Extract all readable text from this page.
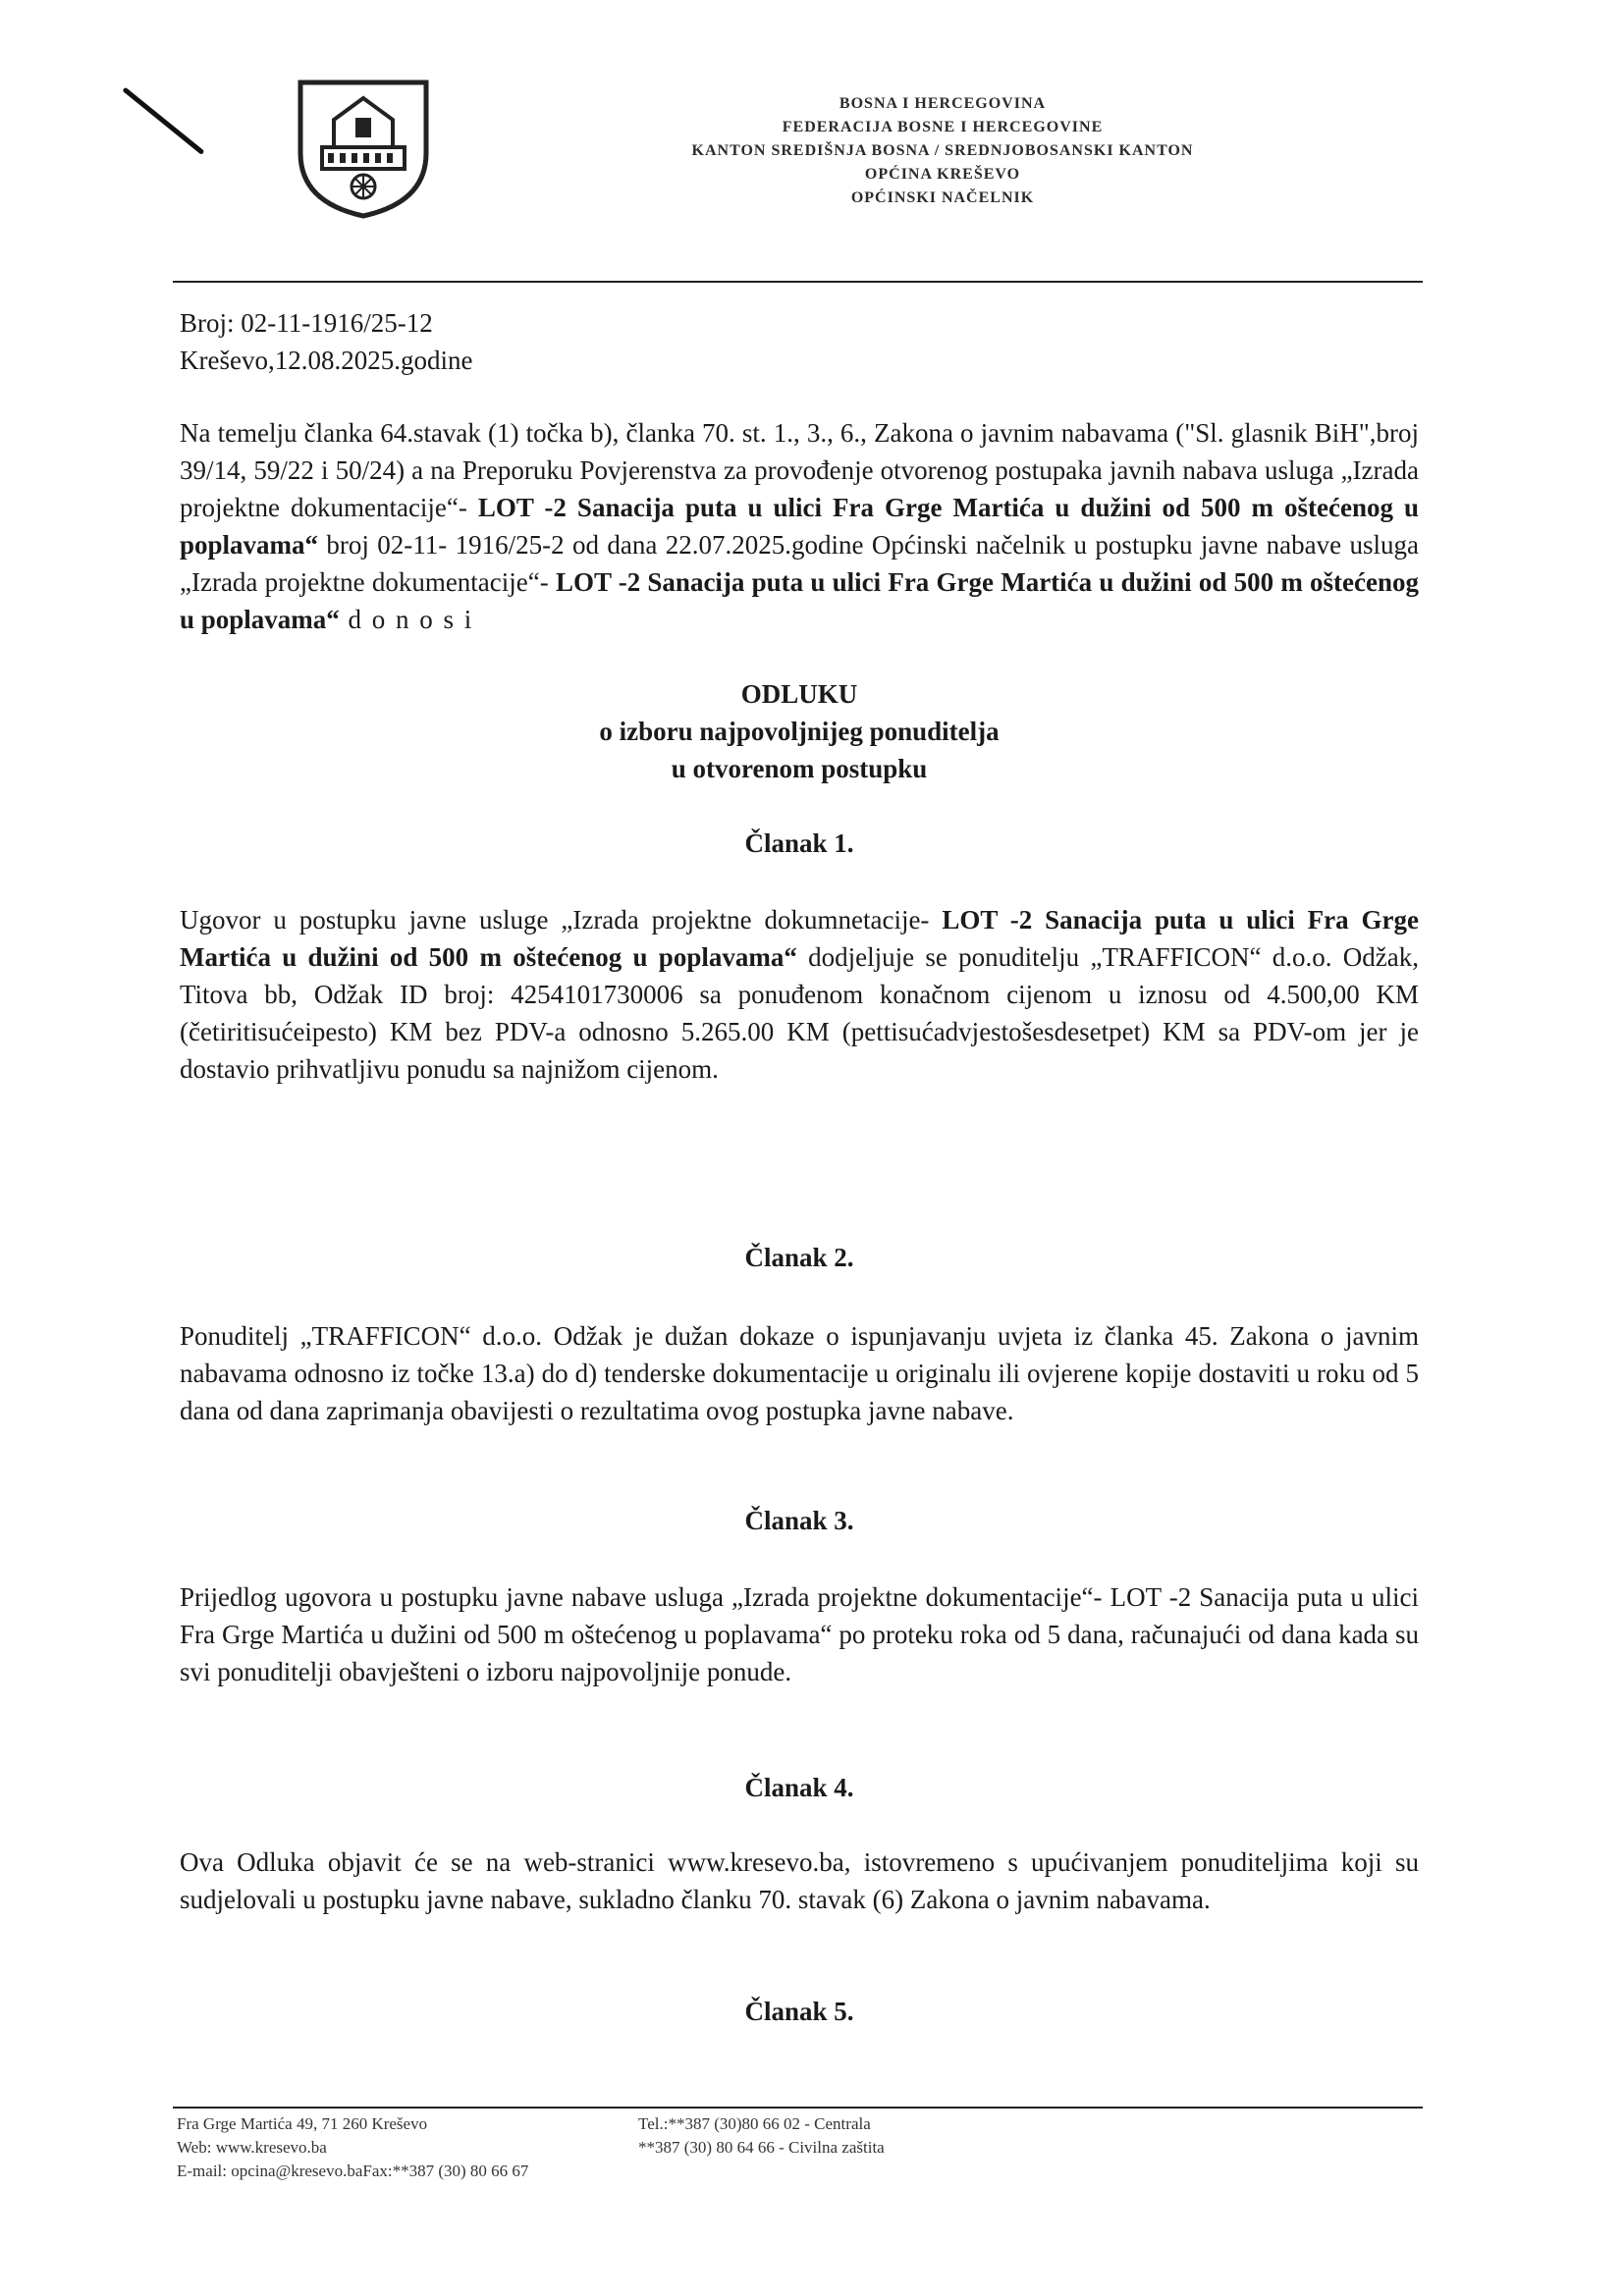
BOSNA I HERCEGOVINA
FEDERACIJA BOSNE I HERCEGOVINE
KANTON SREDIŠNJA BOSNA / SREDNJOBOSANSKI KANTON
OPĆINA KREŠEVO
OPĆINSKI NAČELNIK
Broj: 02-11-1916/25-12
Kreševo,12.08.2025.godine
Na temelju članka 64.stavak (1) točka b), članka 70. st. 1., 3., 6., Zakona o javnim nabavama ("Sl. glasnik BiH",broj 39/14, 59/22 i 50/24) a na Preporuku Povjerenstva za provođenje otvorenog postupaka javnih nabava usluga „Izrada projektne dokumentacije“- LOT -2 Sanacija puta u ulici Fra Grge Martića u dužini od 500 m oštećenog u poplavama“ broj 02-11- 1916/25-2 od dana 22.07.2025.godine Općinski načelnik u postupku javne nabave usluga „Izrada projektne dokumentacije“- LOT -2 Sanacija puta u ulici Fra Grge Martića u dužini od 500 m oštećenog u poplavama“ d o n o s i
ODLUKU
o izboru najpovoljnijeg ponuditelja
u otvorenom postupku
Članak 1.
Ugovor u postupku javne usluge „Izrada projektne dokumnetacije- LOT -2 Sanacija puta u ulici Fra Grge Martića u dužini od 500 m oštećenog u poplavama“ dodjeljuje se ponuditelju „TRAFFICON“ d.o.o. Odžak, Titova bb, Odžak ID broj: 4254101730006 sa ponuđenom konačnom cijenom u iznosu od 4.500,00 KM (četiritisućeipesto) KM bez PDV-a odnosno 5.265.00 KM (pettisućadvjestošesdesetpet) KM sa PDV-om jer je dostavio prihvatljivu ponudu sa najnižom cijenom.
Članak 2.
Ponuditelj „TRAFFICON“ d.o.o. Odžak je dužan dokaze o ispunjavanju uvjeta iz članka 45. Zakona o javnim nabavama odnosno iz točke 13.a) do d) tenderske dokumentacije u originalu ili ovjerene kopije dostaviti u roku od 5 dana od dana zaprimanja obavijesti o rezultatima ovog postupka javne nabave.
Članak 3.
Prijedlog ugovora u postupku javne nabave usluga „Izrada projektne dokumentacije“- LOT -2 Sanacija puta u ulici Fra Grge Martića u dužini od 500 m oštećenog u poplavama“ po proteku roka od 5 dana, računajući od dana kada su svi ponuditelji obavješteni o izboru najpovoljnije ponude.
Članak 4.
Ova Odluka objavit će se na web-stranici www.kresevo.ba, istovremeno s upućivanjem ponuditeljima koji su sudjelovali u postupku javne nabave, sukladno članku 70. stavak (6) Zakona o javnim nabavama.
Članak 5.
Fra Grge Martića 49, 71 260 Kreševo
Web: www.kresevo.ba
E-mail: opcina@kresevo.baFax:**387 (30) 80 66 67
Tel.:**387 (30)80 66 02 - Centrala
**387 (30) 80 64 66 - Civilna zaštita
